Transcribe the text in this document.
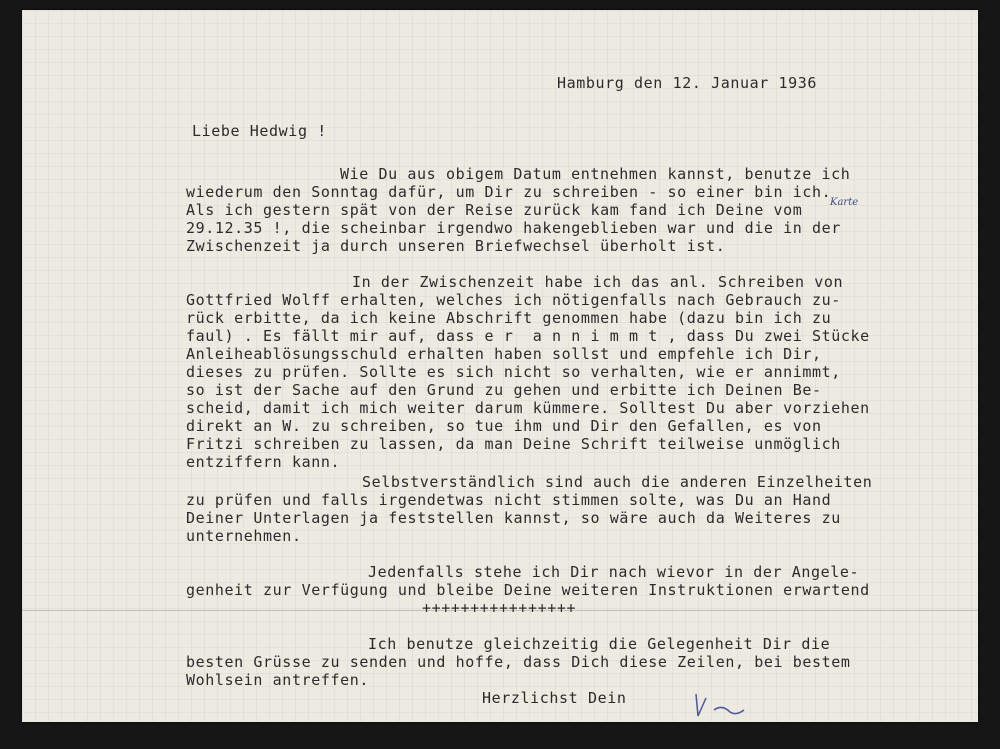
Hamburg den 12. Januar 1936

Liebe Hedwig !

Wie Du aus obigem Datum entnehmen kannst, benutze ich

wiederum den Sonntag dafür, um Dir zu schreiben - so einer bin ich.

Als ich gestern spät von der Reise zurück kam fand ich Deine vom

29.12.35 !, die scheinbar irgendwo hakengeblieben war und die in der

Zwischenzeit ja durch unseren Briefwechsel überholt ist.

In der Zwischenzeit habe ich das anl. Schreiben von

Gottfried Wolff erhalten, welches ich nötigenfalls nach Gebrauch zu-

rück erbitte, da ich keine Abschrift genommen habe (dazu bin ich zu

faul) . Es fällt mir auf, dass e r  a n n i m m t , dass Du zwei Stücke

Anleiheablösungsschuld erhalten haben sollst und empfehle ich Dir,

dieses zu prüfen. Sollte es sich nicht so verhalten, wie er annimmt,

so ist der Sache auf den Grund zu gehen und erbitte ich Deinen Be-

scheid, damit ich mich weiter darum kümmere. Solltest Du aber vorziehen

direkt an W. zu schreiben, so tue ihm und Dir den Gefallen, es von

Fritzi schreiben zu lassen, da man Deine Schrift teilweise unmöglich

entziffern kann.

Selbstverständlich sind auch die anderen Einzelheiten

zu prüfen und falls irgendetwas nicht stimmen solte, was Du an Hand

Deiner Unterlagen ja feststellen kannst, so wäre auch da Weiteres zu

unternehmen.

Jedenfalls stehe ich Dir nach wievor in der Angele-

genheit zur Verfügung und bleibe Deine weiteren Instruktionen erwartend

++++++++++++++++

Ich benutze gleichzeitig die Gelegenheit Dir die

besten Grüsse zu senden und hoffe, dass Dich diese Zeilen, bei bestem

Wohlsein antreffen.

Herzlichst Dein

Karte
